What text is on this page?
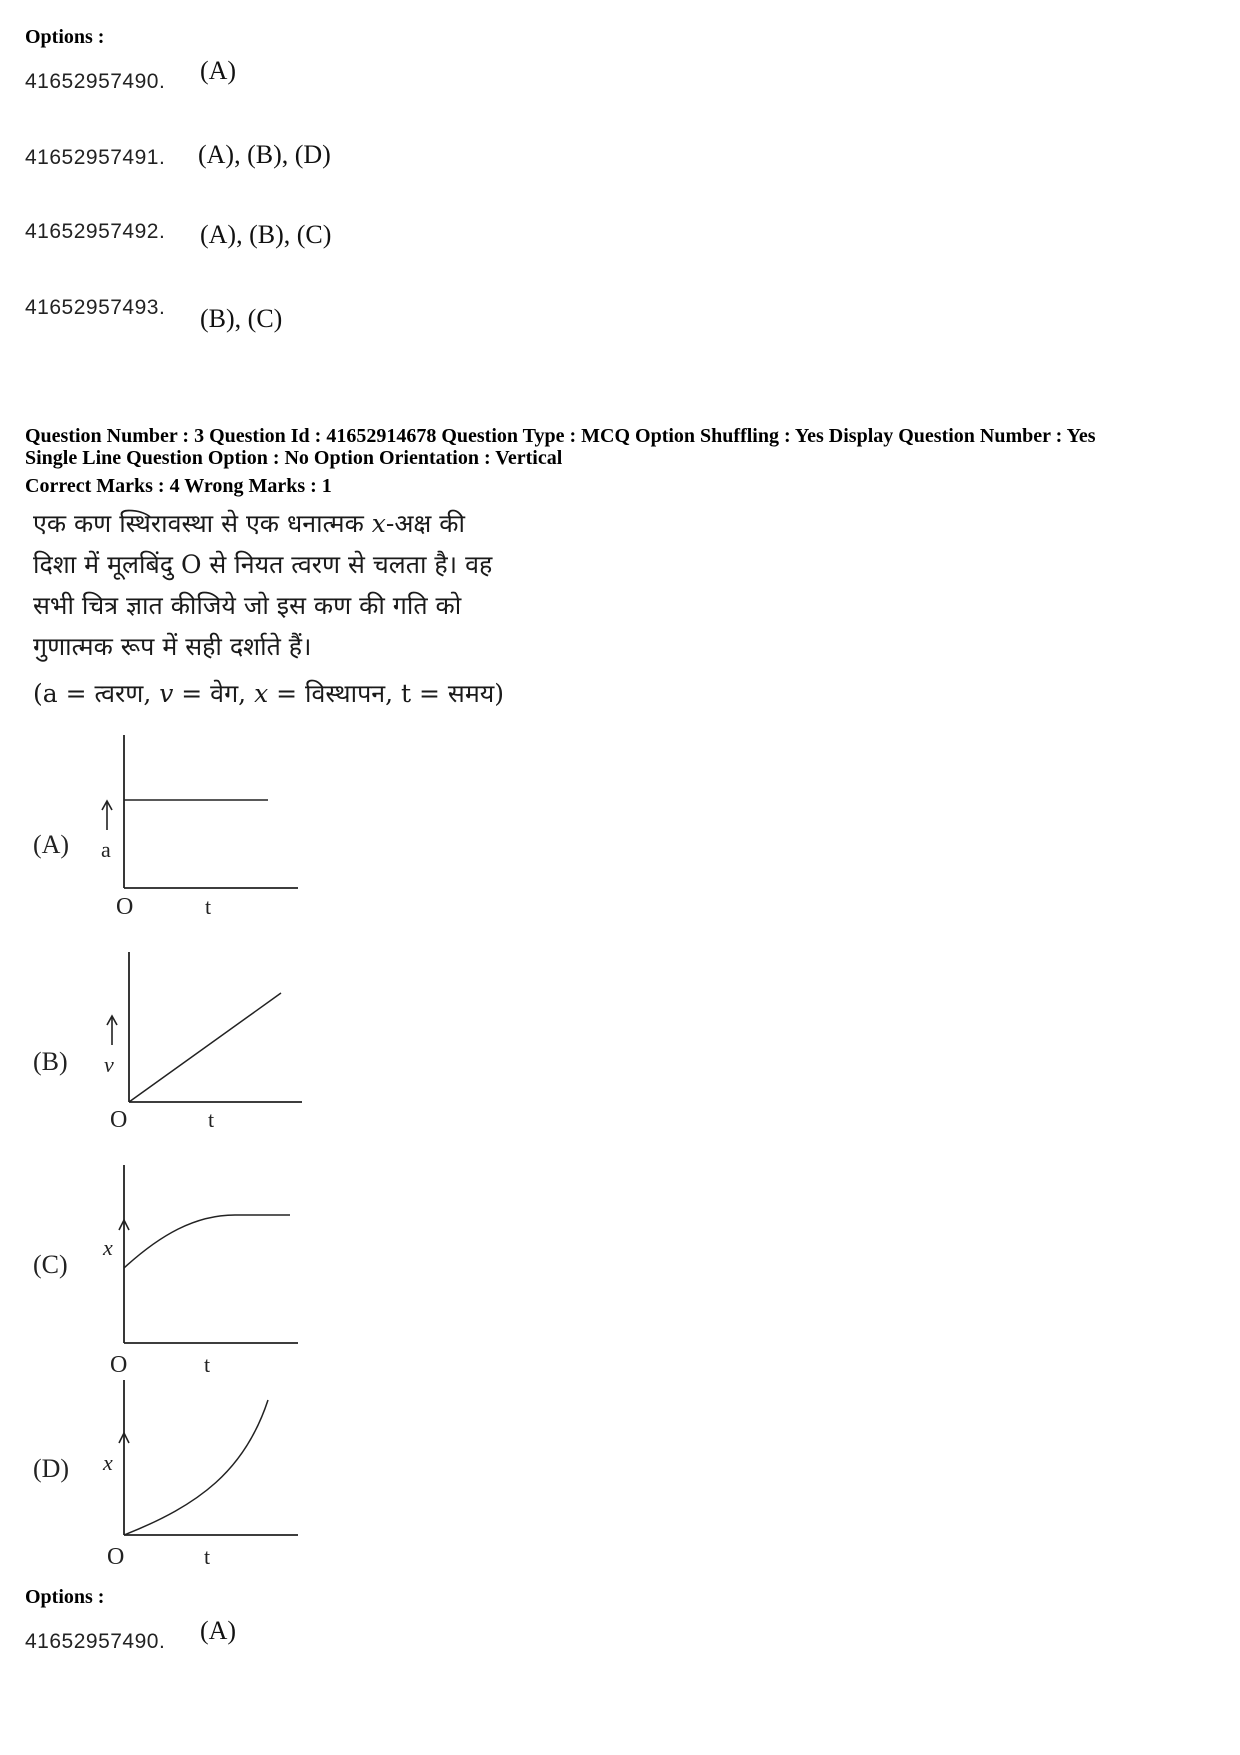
Options :
41652957490. (A)
41652957491. (A), (B), (D)
41652957492. (A), (B), (C)
41652957493. (B), (C)
Question Number : 3 Question Id : 41652914678 Question Type : MCQ Option Shuffling : Yes Display Question Number : Yes
Single Line Question Option : No Option Orientation : Vertical
Correct Marks : 4 Wrong Marks : 1
एक कण स्थिरावस्था से एक धनात्मक x-अक्ष की
दिशा में मूलबिंदु O से नियत त्वरण से चलता है। वह
सभी चित्र ज्ञात कीजिये जो इस कण की गति को
गुणात्मक रूप में सही दर्शाते हैं।
(a = त्वरण, v = वेग, x = विस्थापन, t = समय)
(A) a
O	t
(B) v
O	t
(C)
x
O	t
(D) x
O	t
Options :
41652957490. (A)
